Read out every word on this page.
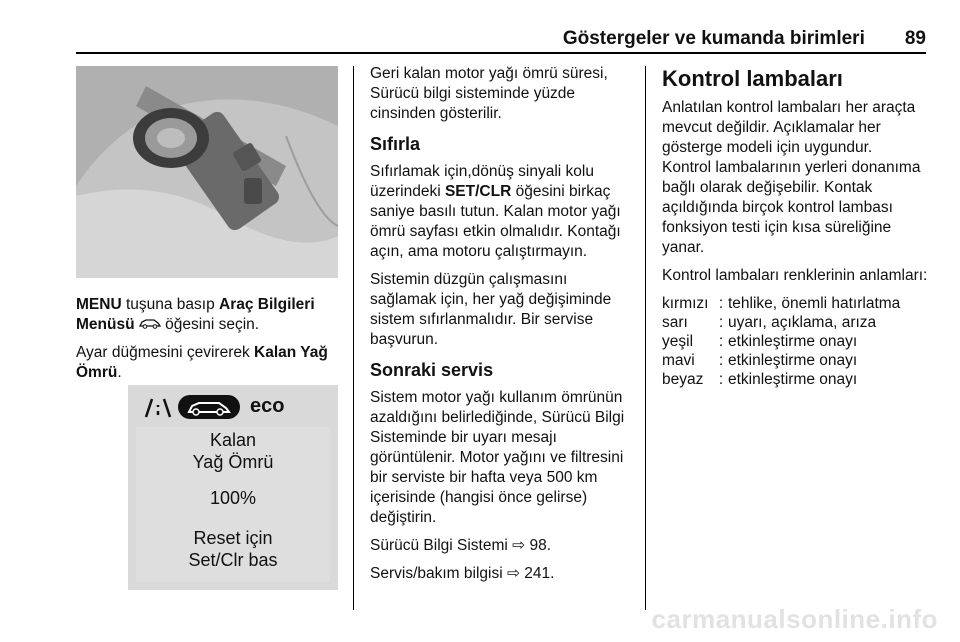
Göstergeler ve kumanda birimleri 89

MENU tuşuna basıp Araç Bilgileri Menüsü  öğesini seçin.

Ayar düğmesini çevirerek Kalan Yağ Ömrü.

eco
Kalan
Yağ Ömrü
100%
Reset için
Set/Clr bas

Geri kalan motor yağı ömrü süresi, Sürücü bilgi sisteminde yüzde cinsinden gösterilir.

Sıfırla

Sıfırlamak için,dönüş sinyali kolu üzerindeki SET/CLR öğesini birkaç saniye basılı tutun. Kalan motor yağı ömrü sayfası etkin olmalıdır. Kontağı açın, ama motoru çalıştırmayın.

Sistemin düzgün çalışmasını sağlamak için, her yağ değişiminde sistem sıfırlanmalıdır. Bir servise başvurun.

Sonraki servis

Sistem motor yağı kullanım ömrünün azaldığını belirlediğinde, Sürücü Bilgi Sisteminde bir uyarı mesajı görüntülenir. Motor yağını ve filtresini bir serviste bir hafta veya 500 km içerisinde (hangisi önce gelirse) değiştirin.

Sürücü Bilgi Sistemi ⇨ 98.

Servis/bakım bilgisi ⇨ 241.

Kontrol lambaları

Anlatılan kontrol lambaları her araçta mevcut değildir. Açıklamalar her gösterge modeli için uygundur.

Kontrol lambalarının yerleri donanıma bağlı olarak değişebilir. Kontak açıldığında birçok kontrol lambası fonksiyon testi için kısa süreliğine yanar.

Kontrol lambaları renklerinin anlamları:

kırmızı	:	tehlike, önemli hatırlatma
sarı	:	uyarı, açıklama, arıza
yeşil	:	etkinleştirme onayı
mavi	:	etkinleştirme onayı
beyaz	:	etkinleştirme onayı
carmanualsonline.info
